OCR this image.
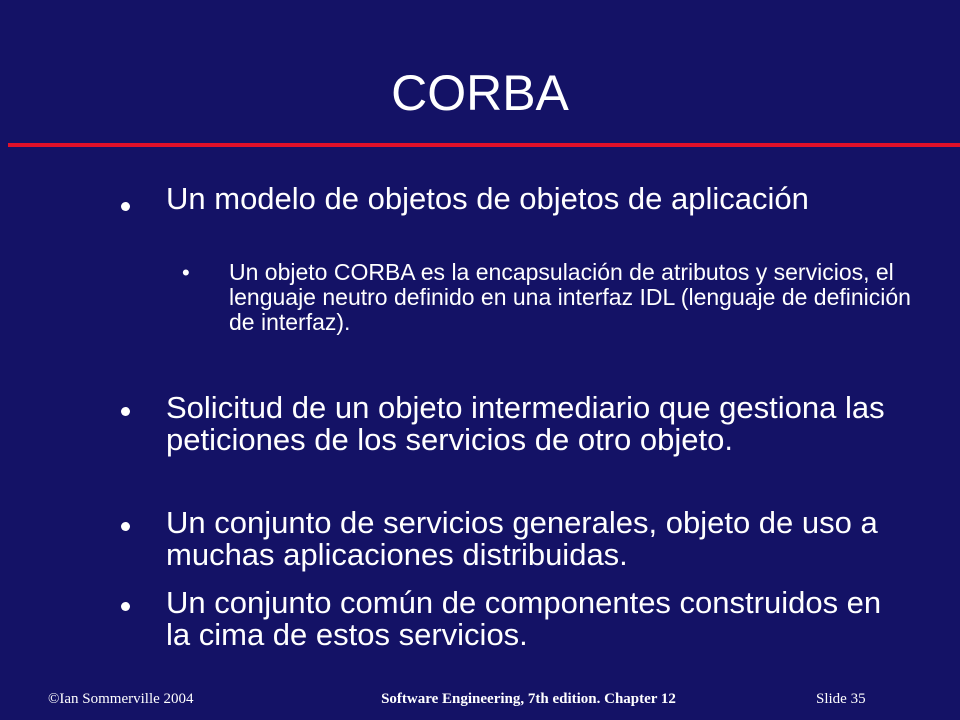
CORBA
Un modelo de objetos de objetos de aplicación
• Un objeto CORBA es la encapsulación de atributos y servicios, el lenguaje neutro definido en una interfaz IDL (lenguaje de definición de interfaz).
Solicitud de un objeto intermediario que gestiona las peticiones de los servicios de otro objeto.
Un conjunto de servicios generales, objeto de uso a muchas aplicaciones distribuidas.
Un conjunto común de componentes construidos en la cima de estos servicios.
©Ian Sommerville 2004	Software Engineering, 7th edition. Chapter 12	Slide 35
